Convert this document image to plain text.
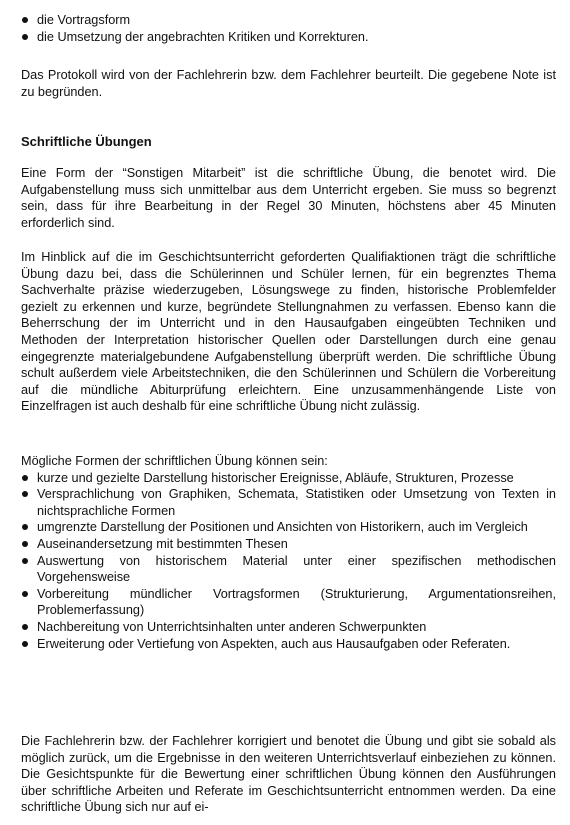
die Vortragsform
die Umsetzung der angebrachten Kritiken und Korrekturen.

Das Protokoll wird von der Fachlehrerin bzw. dem Fachlehrer beurteilt. Die gegebene Note ist zu begründen.

Schriftliche Übungen

Eine Form der “Sonstigen Mitarbeit” ist die schriftliche Übung, die benotet wird. Die Aufgabenstellung muss sich unmittelbar aus dem Unterricht ergeben. Sie muss so begrenzt sein, dass für ihre Bearbeitung in der Regel 30 Minuten, höchstens aber 45 Minuten erforderlich sind.

Im Hinblick auf die im Geschichtsunterricht geforderten Qualifiaktionen trägt die schriftliche Übung dazu bei, dass die Schülerinnen und Schüler lernen, für ein begrenztes Thema Sachverhalte präzise wiederzugeben, Lösungswege zu finden, historische Problemfelder gezielt zu erkennen und kurze, begründete Stellungnahmen zu verfassen. Ebenso kann die Beherrschung der im Unterricht und in den Hausaufgaben eingeübten Techniken und Methoden der Interpretation historischer Quellen oder Darstellungen durch eine genau eingegrenzte materialgebundene Aufgabenstellung überprüft werden. Die schriftliche Übung schult außerdem viele Arbeitstechniken, die den Schülerinnen und Schülern die Vorbereitung auf die mündliche Abiturprüfung erleichtern. Eine unzusammenhängende Liste von Einzelfragen ist auch deshalb für eine schriftliche Übung nicht zulässig.

Mögliche Formen der schriftlichen Übung können sein:

kurze und gezielte Darstellung historischer Ereignisse, Abläufe, Strukturen, Prozesse
Versprachlichung von Graphiken, Schemata, Statistiken oder Umsetzung von Texten in nichtsprachliche Formen
umgrenzte Darstellung der Positionen und Ansichten von Historikern, auch im Vergleich
Auseinandersetzung mit bestimmten Thesen
Auswertung von historischem Material unter einer spezifischen methodischen Vorgehensweise
Vorbereitung mündlicher Vortragsformen (Strukturierung, Argumentationsreihen, Problemerfassung)
Nachbereitung von Unterrichtsinhalten unter anderen Schwerpunkten
Erweiterung oder Vertiefung von Aspekten, auch aus Hausaufgaben oder Referaten.

Die Fachlehrerin bzw. der Fachlehrer korrigiert und benotet die Übung und gibt sie sobald als möglich zurück, um die Ergebnisse in den weiteren Unterrichtsverlauf einbeziehen zu können. Die Gesichtspunkte für die Bewertung einer schriftlichen Übung können den Ausführungen über schriftliche Arbeiten und Referate im Geschichtsunterricht entnommen werden. Da eine schriftliche Übung sich nur auf ei-
